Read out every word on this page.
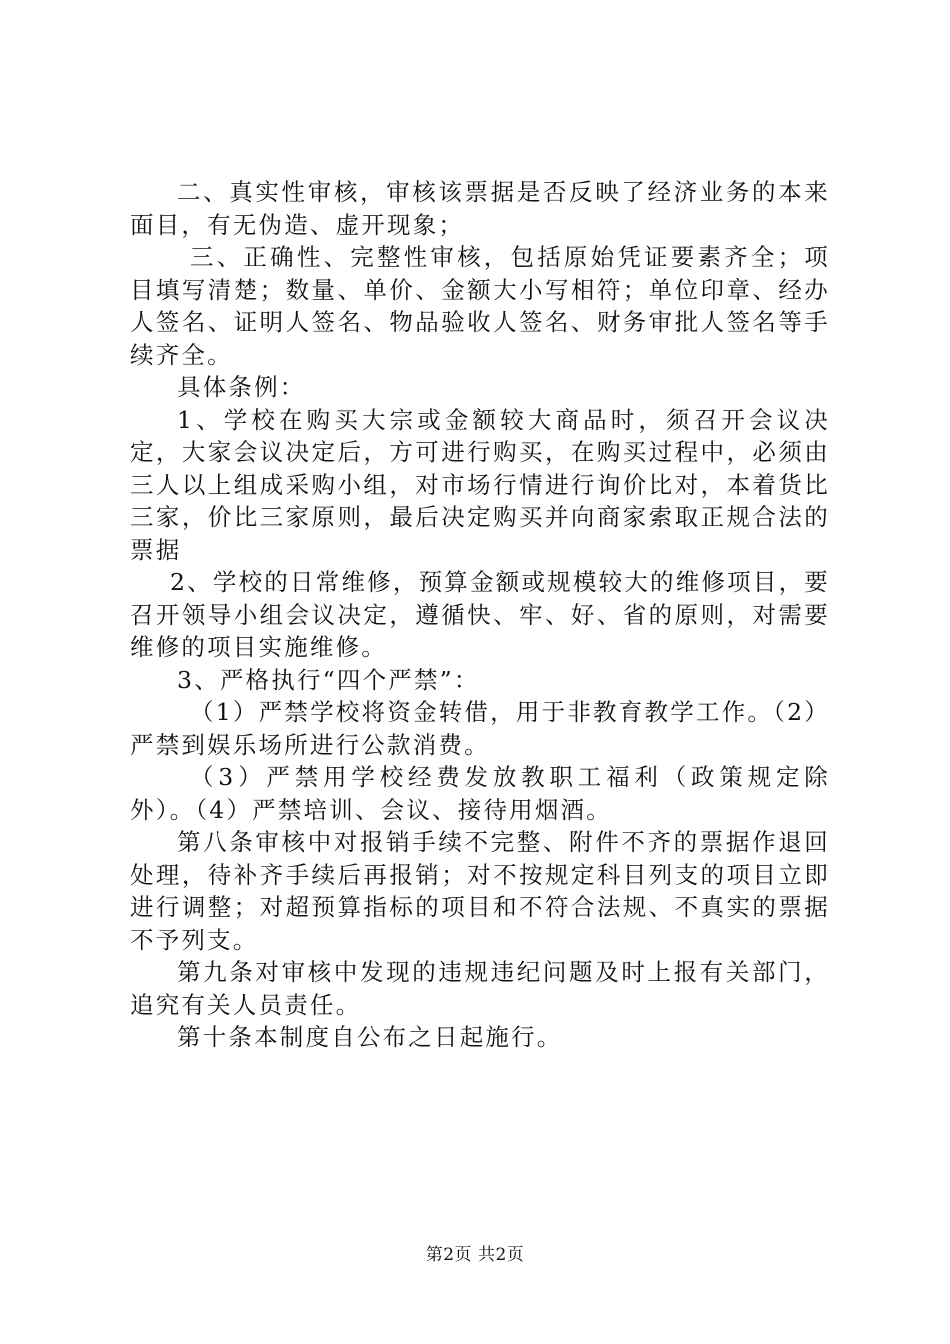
二、真实性审核，审核该票据是否反映了经济业务的本来面目，有无伪造、虚开现象；

三、正确性、完整性审核，包括原始凭证要素齐全；项目填写清楚；数量、单价、金额大小写相符；单位印章、经办人签名、证明人签名、物品验收人签名、财务审批人签名等手续齐全。

具体条例：

1、学校在购买大宗或金额较大商品时，须召开会议决定，大家会议决定后，方可进行购买，在购买过程中，必须由三人以上组成采购小组，对市场行情进行询价比对，本着货比三家，价比三家原则，最后决定购买并向商家索取正规合法的票据

2、学校的日常维修，预算金额或规模较大的维修项目，要召开领导小组会议决定，遵循快、牢、好、省的原则，对需要维修的项目实施维修。

3、严格执行“四个严禁”：

（1）严禁学校将资金转借，用于非教育教学工作。（2）严禁到娱乐场所进行公款消费。

（3）严禁用学校经费发放教职工福利（政策规定除外）。（4）严禁培训、会议、接待用烟酒。

第八条审核中对报销手续不完整、附件不齐的票据作退回处理，待补齐手续后再报销；对不按规定科目列支的项目立即进行调整；对超预算指标的项目和不符合法规、不真实的票据不予列支。

第九条对审核中发现的违规违纪问题及时上报有关部门，追究有关人员责任。

第十条本制度自公布之日起施行。

第2页 共2页
